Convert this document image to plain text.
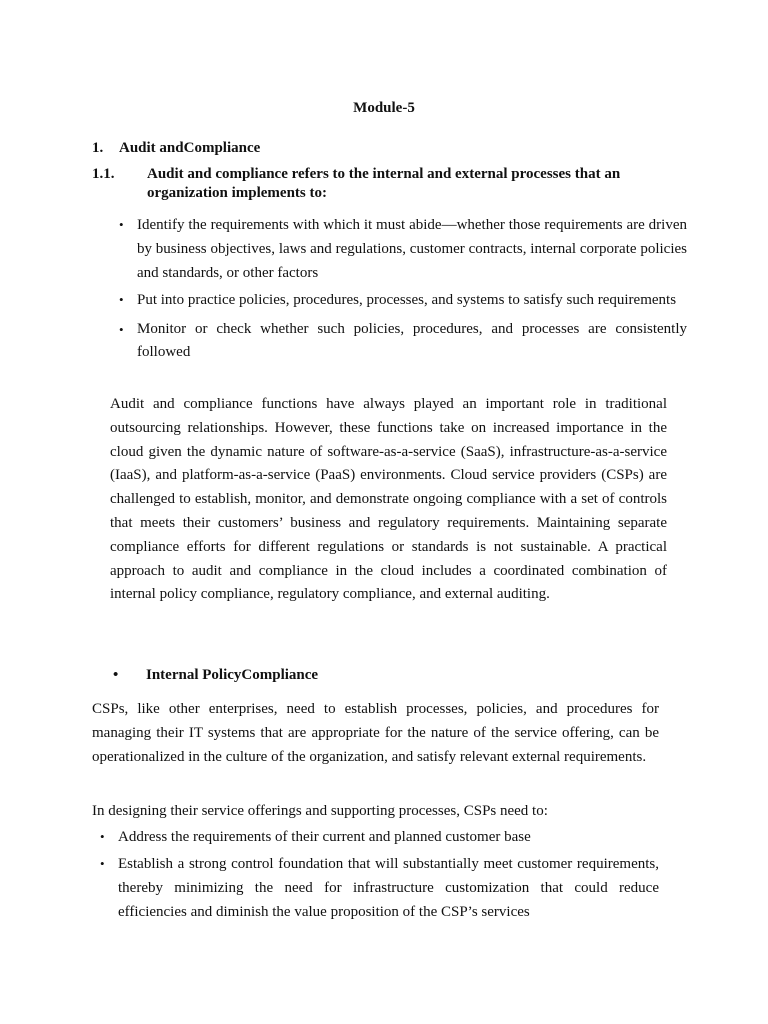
Module-5
1. Audit andCompliance
1.1. Audit and compliance refers to the internal and external processes that an organization implements to:
• Identify the requirements with which it must abide—whether those requirements are driven by business objectives, laws and regulations, customer contracts, internal corporate policies and standards, or other factors
• Put into practice policies, procedures, processes, and systems to satisfy such requirements
• Monitor or check whether such policies, procedures, and processes are consistently followed

Audit and compliance functions have always played an important role in traditional outsourcing relationships. However, these functions take on increased importance in the cloud given the dynamic nature of software-as-a-service (SaaS), infrastructure-as-a-service (IaaS), and platform-as-a-service (PaaS) environments. Cloud service providers (CSPs) are challenged to establish, monitor, and demonstrate ongoing compliance with a set of controls that meets their customers’ business and regulatory requirements. Maintaining separate compliance efforts for different regulations or standards is not sustainable. A practical approach to audit and compliance in the cloud includes a coordinated combination of internal policy compliance, regulatory compliance, and external auditing.

• Internal PolicyCompliance

CSPs, like other enterprises, need to establish processes, policies, and procedures for managing their IT systems that are appropriate for the nature of the service offering, can be operationalized in the culture of the organization, and satisfy relevant external requirements.

In designing their service offerings and supporting processes, CSPs need to:

• Address the requirements of their current and planned customer base
• Establish a strong control foundation that will substantially meet customer requirements, thereby minimizing the need for infrastructure customization that could reduce efficiencies and diminish the value proposition of the CSP’s services
